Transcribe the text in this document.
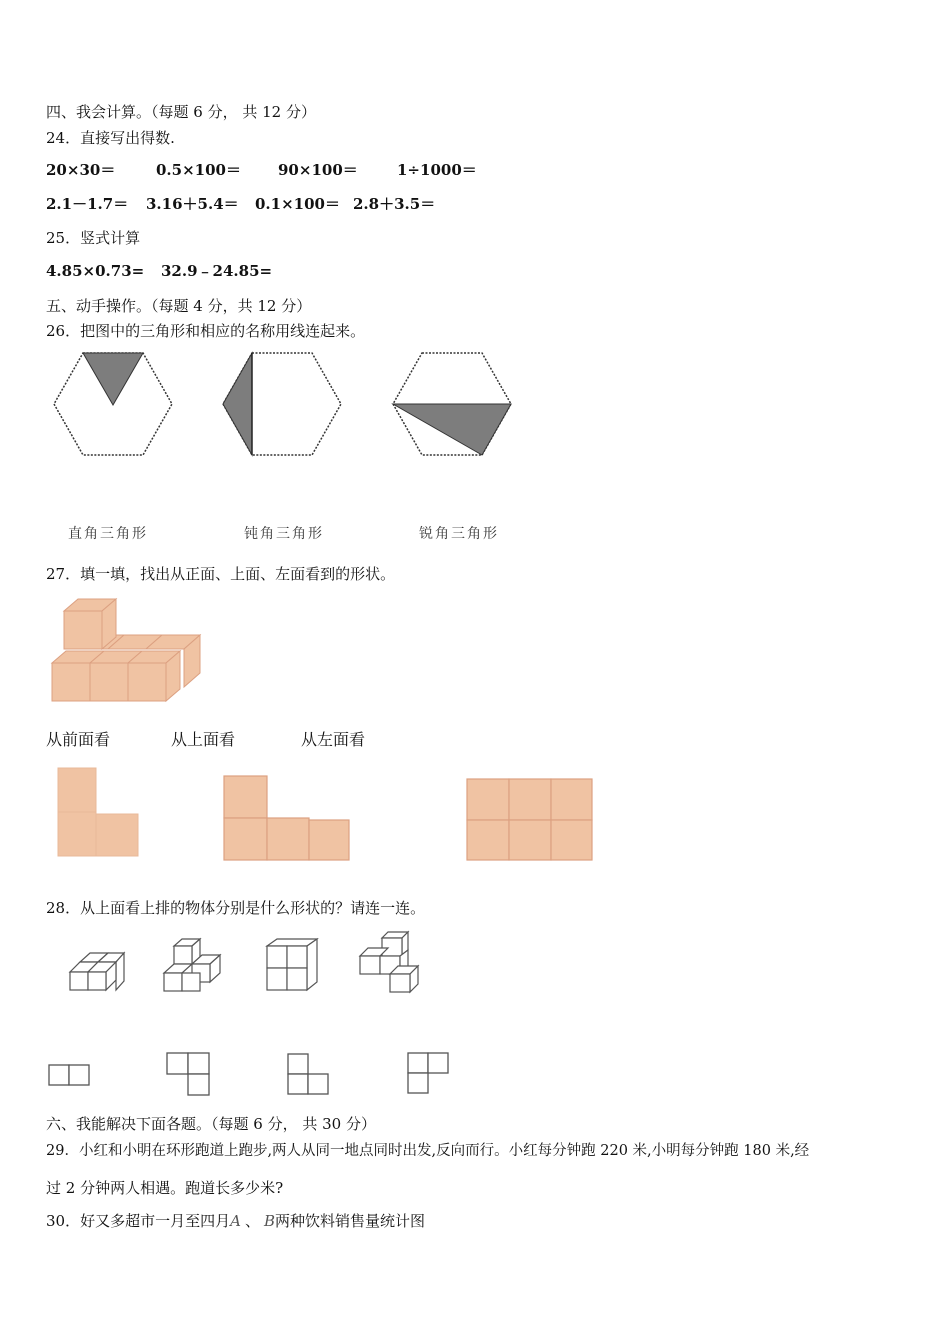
四、我会计算。（每题 6 分， 共 12 分）
24．直接写出得数.
20×30＝	0.5×100＝ 90×100＝	1÷1000＝
2.1－1.7＝ 3.16＋5.4＝ 0.1×100＝ 2.8＋3.5＝
25．竖式计算
4.85×0.73= 32.9﹣24.85=
五、动手操作。（每题 4 分，共 12 分）
26．把图中的三角形和相应的名称用线连起来。
直角三角形	钝角三角形	锐角三角形
27．填一填，找出从正面、上面、左面看到的形状。
从前面看	从上面看	从左面看
28．从上面看上排的物体分别是什么形状的？请连一连。
六、我能解决下面各题。（每题 6 分， 共 30 分）
29．小红和小明在环形跑道上跑步,两人从同一地点同时出发,反向而行。小红每分钟跑 220 米,小明每分钟跑 180 米,经
过 2 分钟两人相遇。跑道长多少米?
30．好又多超市一月至四月A 、 B两种饮料销售量统计图
